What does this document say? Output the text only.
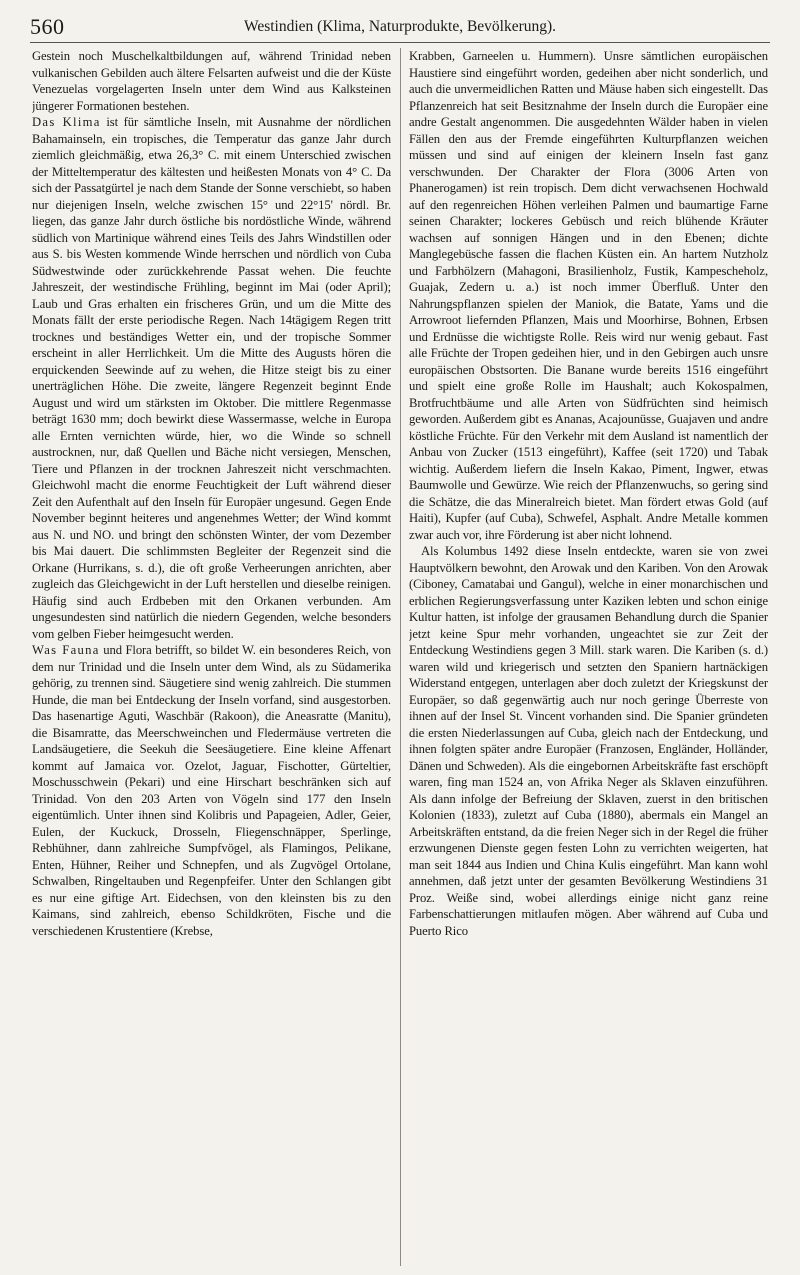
560	Westindien (Klima, Naturprodukte, Bevölkerung).

Gestein noch Muschelkaltbildungen auf, während Trinidad neben vulkanischen Gebilden auch ältere Felsarten aufweist und die der Küste Venezuelas vorgelagerten Inseln unter dem Wind aus Kalksteinen jüngerer Formationen bestehen.

Das Klima ist für sämtliche Inseln, mit Ausnahme der nördlichen Bahamainseln, ein tropisches, die Temperatur das ganze Jahr durch ziemlich gleichmäßig, etwa 26,3° C. mit einem Unterschied zwischen der Mitteltemperatur des kältesten und heißesten Monats von 4° C. Da sich der Passatgürtel je nach dem Stande der Sonne verschiebt, so haben nur diejenigen Inseln, welche zwischen 15° und 22°15' nördl. Br. liegen, das ganze Jahr durch östliche bis nordöstliche Winde, während südlich von Martinique während eines Teils des Jahrs Windstillen oder aus S. bis Westen kommende Winde herrschen und nördlich von Cuba Südwestwinde oder zurückkehrende Passat wehen. Die feuchte Jahreszeit, der westindische Frühling, beginnt im Mai (oder April); Laub und Gras erhalten ein frischeres Grün, und um die Mitte des Monats fällt der erste periodische Regen. Nach 14tägigem Regen tritt trocknes und beständiges Wetter ein, und der tropische Sommer erscheint in aller Herrlichkeit. Um die Mitte des Augusts hören die erquickenden Seewinde auf zu wehen, die Hitze steigt bis zu einer unerträglichen Höhe. Die zweite, längere Regenzeit beginnt Ende August und wird um stärksten im Oktober. Die mittlere Regenmasse beträgt 1630 mm; doch bewirkt diese Wassermasse, welche in Europa alle Ernten vernichten würde, hier, wo die Winde so schnell austrocknen, nur, daß Quellen und Bäche nicht versiegen, Menschen, Tiere und Pflanzen in der trocknen Jahreszeit nicht verschmachten. Gleichwohl macht die enorme Feuchtigkeit der Luft während dieser Zeit den Aufenthalt auf den Inseln für Europäer ungesund. Gegen Ende November beginnt heiteres und angenehmes Wetter; der Wind kommt aus N. und NO. und bringt den schönsten Winter, der vom Dezember bis Mai dauert. Die schlimmsten Begleiter der Regenzeit sind die Orkane (Hurrikans, s. d.), die oft große Verheerungen anrichten, aber zugleich das Gleichgewicht in der Luft herstellen und dieselbe reinigen. Häufig sind auch Erdbeben mit den Orkanen verbunden. Am ungesundesten sind natürlich die niedern Gegenden, welche besonders vom gelben Fieber heimgesucht werden.

Was Fauna und Flora betrifft, so bildet W. ein besonderes Reich, von dem nur Trinidad und die Inseln unter dem Wind, als zu Südamerika gehörig, zu trennen sind. Säugetiere sind wenig zahlreich. Die stummen Hunde, die man bei Entdeckung der Inseln vorfand, sind ausgestorben. Das hasenartige Aguti, Waschbär (Rakoon), die Aneasratte (Manitu), die Bisamratte, das Meerschweinchen und Fledermäuse vertreten die Landsäugetiere, die Seekuh die Seesäugetiere. Eine kleine Affenart kommt auf Jamaica vor. Ozelot, Jaguar, Fischotter, Gürteltier, Moschusschwein (Pekari) und eine Hirschart beschränken sich auf Trinidad. Von den 203 Arten von Vögeln sind 177 den Inseln eigentümlich. Unter ihnen sind Kolibris und Papageien, Adler, Geier, Eulen, der Kuckuck, Drosseln, Fliegenschnäpper, Sperlinge, Rebhühner, dann zahlreiche Sumpfvögel, als Flamingos, Pelikane, Enten, Hühner, Reiher und Schnepfen, und als Zugvögel Ortolane, Schwalben, Ringeltauben und Regenpfeifer. Unter den Schlangen gibt es nur eine giftige Art. Eidechsen, von den kleinsten bis zu den Kaimans, sind zahlreich, ebenso Schildkröten, Fische und die verschiedenen Krustentiere (Krebse,

Krabben, Garneelen u. Hummern). Unsre sämtlichen europäischen Haustiere sind eingeführt worden, gedeihen aber nicht sonderlich, und auch die unvermeidlichen Ratten und Mäuse haben sich eingestellt. Das Pflanzenreich hat seit Besitznahme der Inseln durch die Europäer eine andre Gestalt angenommen. Die ausgedehnten Wälder haben in vielen Fällen den aus der Fremde eingeführten Kulturpflanzen weichen müssen und sind auf einigen der kleinern Inseln fast ganz verschwunden. Der Charakter der Flora (3006 Arten von Phanerogamen) ist rein tropisch. Dem dicht verwachsenen Hochwald auf den regenreichen Höhen verleihen Palmen und baumartige Farne seinen Charakter; lockeres Gebüsch und reich blühende Kräuter wachsen auf sonnigen Hängen und in den Ebenen; dichte Manglegebüsche fassen die flachen Küsten ein. An hartem Nutzholz und Farbhölzern (Mahagoni, Brasilienholz, Fustik, Kampescheholz, Guajak, Zedern u. a.) ist noch immer Überfluß. Unter den Nahrungspflanzen spielen der Maniok, die Batate, Yams und die Arrowroot liefernden Pflanzen, Mais und Moorhirse, Bohnen, Erbsen und Erdnüsse die wichtigste Rolle. Reis wird nur wenig gebaut. Fast alle Früchte der Tropen gedeihen hier, und in den Gebirgen auch unsre europäischen Obstsorten. Die Banane wurde bereits 1516 eingeführt und spielt eine große Rolle im Haushalt; auch Kokospalmen, Brotfruchtbäume und alle Arten von Südfrüchten sind heimisch geworden. Außerdem gibt es Ananas, Acajounüsse, Guajaven und andre köstliche Früchte. Für den Verkehr mit dem Ausland ist namentlich der Anbau von Zucker (1513 eingeführt), Kaffee (seit 1720) und Tabak wichtig. Außerdem liefern die Inseln Kakao, Piment, Ingwer, etwas Baumwolle und Gewürze. Wie reich der Pflanzenwuchs, so gering sind die Schätze, die das Mineralreich bietet. Man fördert etwas Gold (auf Haiti), Kupfer (auf Cuba), Schwefel, Asphalt. Andre Metalle kommen zwar auch vor, ihre Förderung ist aber nicht lohnend.

Als Kolumbus 1492 diese Inseln entdeckte, waren sie von zwei Hauptvölkern bewohnt, den Arowak und den Kariben. Von den Arowak (Ciboney, Camatabai und Gangul), welche in einer monarchischen und erblichen Regierungsverfassung unter Kaziken lebten und schon einige Kultur hatten, ist infolge der grausamen Behandlung durch die Spanier jetzt keine Spur mehr vorhanden, ungeachtet sie zur Zeit der Entdeckung Westindiens gegen 3 Mill. stark waren. Die Kariben (s. d.) waren wild und kriegerisch und setzten den Spaniern hartnäckigen Widerstand entgegen, unterlagen aber doch zuletzt der Kriegskunst der Europäer, so daß gegenwärtig auch nur noch geringe Überreste von ihnen auf der Insel St. Vincent vorhanden sind. Die Spanier gründeten die ersten Niederlassungen auf Cuba, gleich nach der Entdeckung, und ihnen folgten später andre Europäer (Franzosen, Engländer, Holländer, Dänen und Schweden). Als die eingebornen Arbeitskräfte fast erschöpft waren, fing man 1524 an, von Afrika Neger als Sklaven einzuführen. Als dann infolge der Befreiung der Sklaven, zuerst in den britischen Kolonien (1833), zuletzt auf Cuba (1880), abermals ein Mangel an Arbeitskräften entstand, da die freien Neger sich in der Regel die früher erzwungenen Dienste gegen festen Lohn zu verrichten weigerten, hat man seit 1844 aus Indien und China Kulis eingeführt. Man kann wohl annehmen, daß jetzt unter der gesamten Bevölkerung Westindiens 31 Proz. Weiße sind, wobei allerdings einige nicht ganz reine Farbenschattierungen mitlaufen mögen. Aber während auf Cuba und Puerto Rico
